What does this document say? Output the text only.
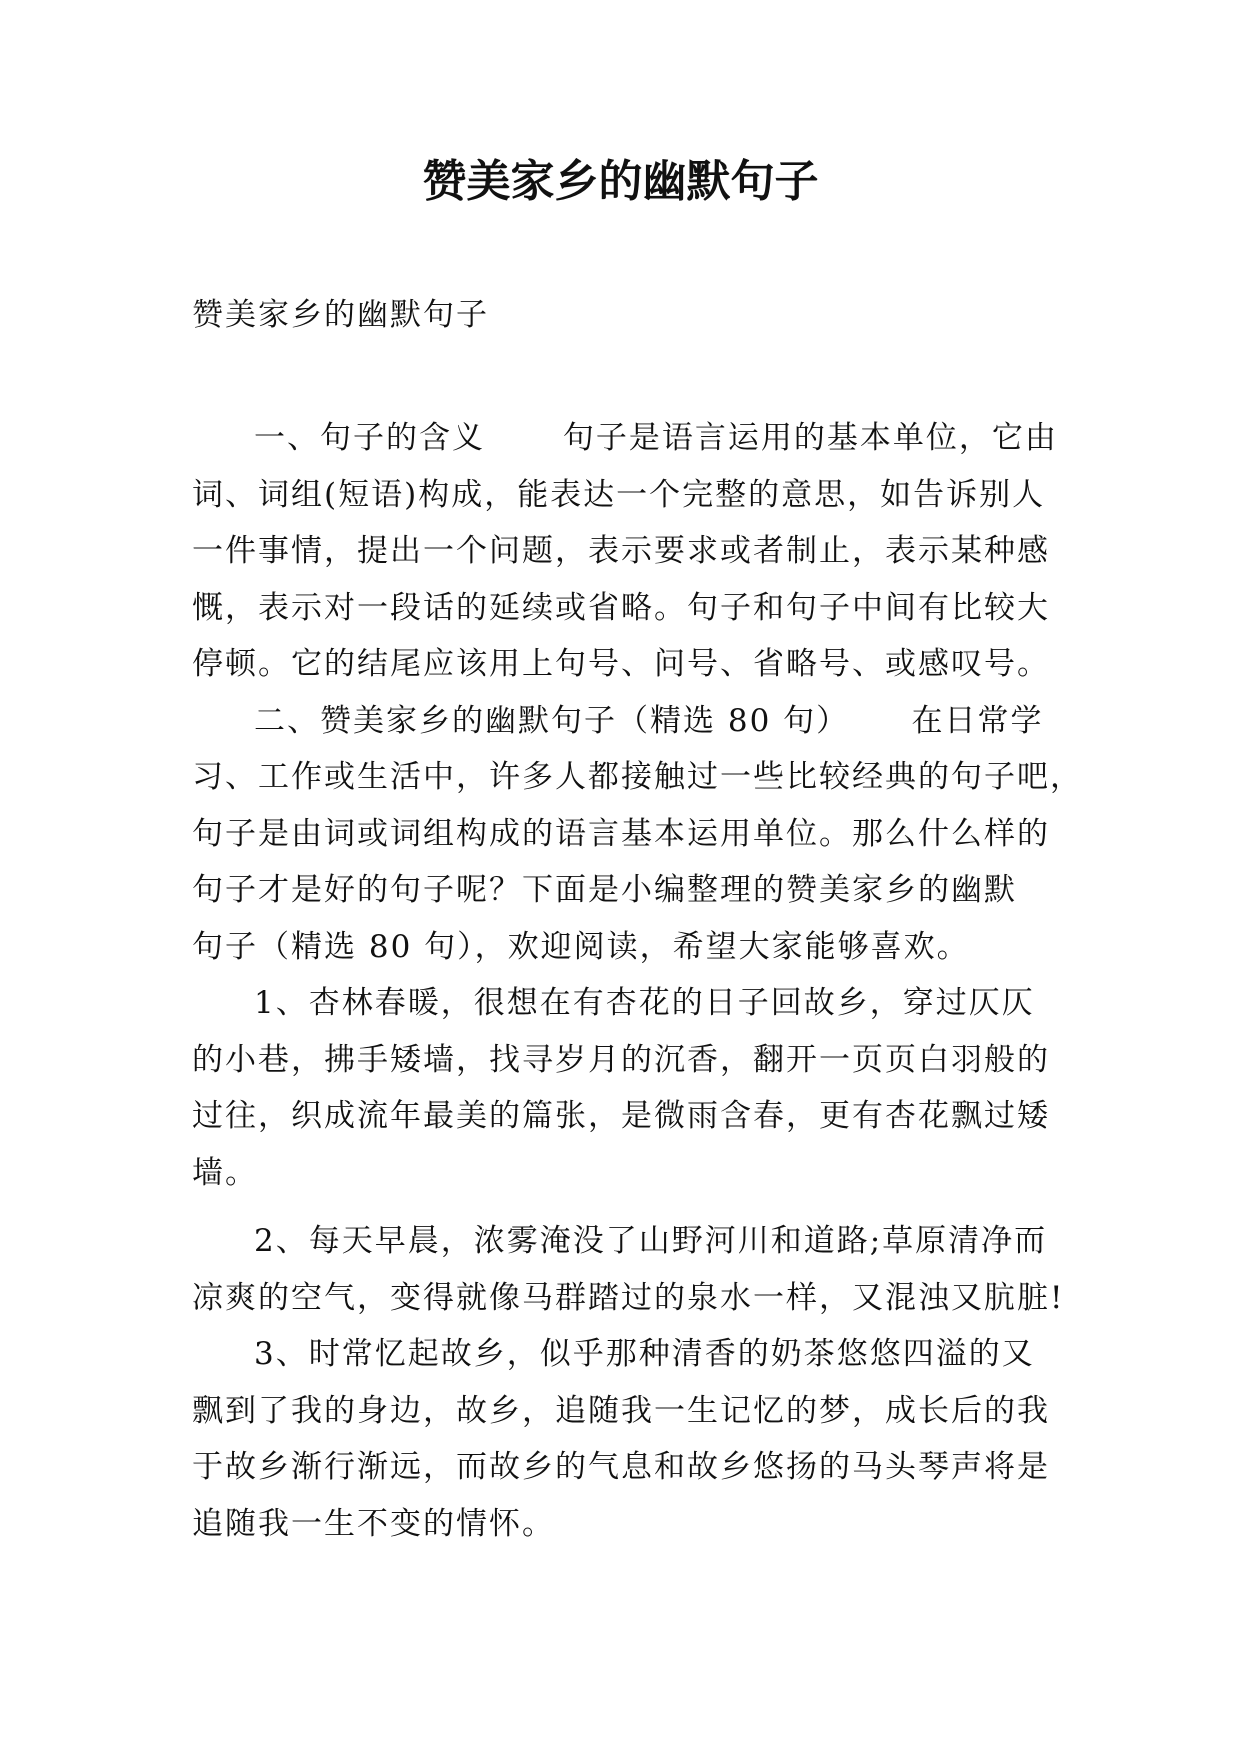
赞美家乡的幽默句子
赞美家乡的幽默句子

一、句子的含义　　 句子是语言运用的基本单位，它由
词、词组(短语)构成，能表达一个完整的意思，如告诉别人
一件事情，提出一个问题，表示要求或者制止，表示某种感
慨，表示对一段话的延续或省略。句子和句子中间有比较大
停顿。它的结尾应该用上句号、问号、省略号、或感叹号。

二、赞美家乡的幽默句子（精选 80 句）　　 在日常学
习、工作或生活中，许多人都接触过一些比较经典的句子吧，
句子是由词或词组构成的语言基本运用单位。那么什么样的
句子才是好的句子呢？下面是小编整理的赞美家乡的幽默
句子（精选 80 句），欢迎阅读，希望大家能够喜欢。

1、杏林春暖，很想在有杏花的日子回故乡，穿过仄仄
的小巷，拂手矮墙，找寻岁月的沉香，翻开一页页白羽般的
过往，织成流年最美的篇张，是微雨含春，更有杏花飘过矮
墙。

2、每天早晨，浓雾淹没了山野河川和道路;草原清净而
凉爽的空气，变得就像马群踏过的泉水一样，又混浊又肮脏!

3、时常忆起故乡，似乎那种清香的奶茶悠悠四溢的又
飘到了我的身边，故乡，追随我一生记忆的梦，成长后的我
于故乡渐行渐远，而故乡的气息和故乡悠扬的马头琴声将是
追随我一生不变的情怀。
